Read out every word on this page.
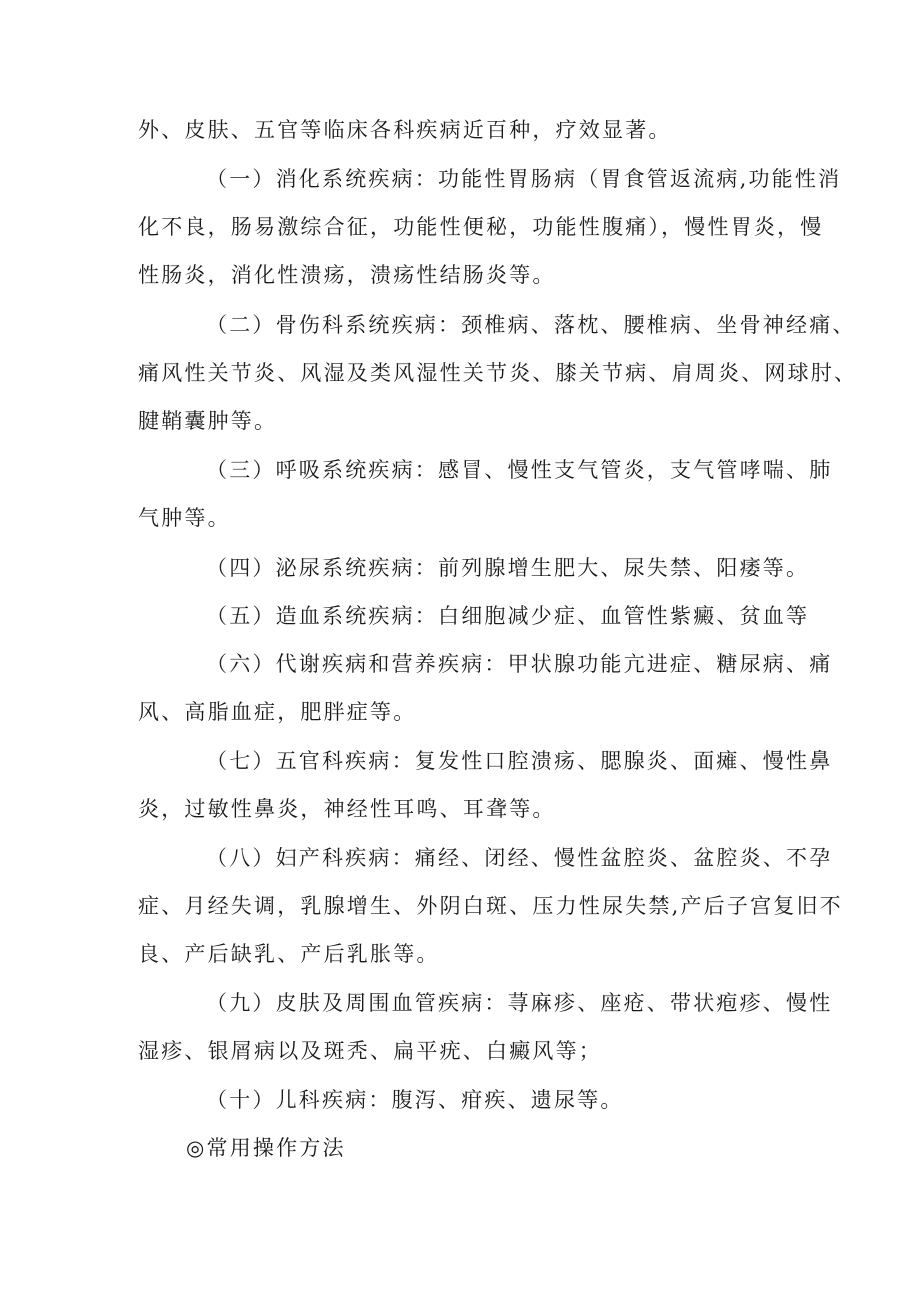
外、皮肤、五官等临床各科疾病近百种，疗效显著。
（一）消化系统疾病：功能性胃肠病（胃食管返流病,功能性消
化不良，肠易激综合征，功能性便秘，功能性腹痛），慢性胃炎，慢
性肠炎，消化性溃疡，溃疡性结肠炎等。
（二）骨伤科系统疾病：颈椎病、落枕、腰椎病、坐骨神经痛、
痛风性关节炎、风湿及类风湿性关节炎、膝关节病、肩周炎、网球肘、
腱鞘囊肿等。
（三）呼吸系统疾病：感冒、慢性支气管炎，支气管哮喘、肺
气肿等。
（四）泌尿系统疾病：前列腺增生肥大、尿失禁、阳痿等。
（五）造血系统疾病：白细胞减少症、血管性紫癜、贫血等
（六）代谢疾病和营养疾病：甲状腺功能亢进症、糖尿病、痛
风、高脂血症，肥胖症等。
（七）五官科疾病：复发性口腔溃疡、腮腺炎、面瘫、慢性鼻
炎，过敏性鼻炎，神经性耳鸣、耳聋等。
（八）妇产科疾病：痛经、闭经、慢性盆腔炎、盆腔炎、不孕
症、月经失调，乳腺增生、外阴白斑、压力性尿失禁,产后子宫复旧不
良、产后缺乳、产后乳胀等。
（九）皮肤及周围血管疾病：荨麻疹、座疮、带状疱疹、慢性
湿疹、银屑病以及斑秃、扁平疣、白癜风等；
（十）儿科疾病：腹泻、疳疾、遗尿等。
◎常用操作方法
